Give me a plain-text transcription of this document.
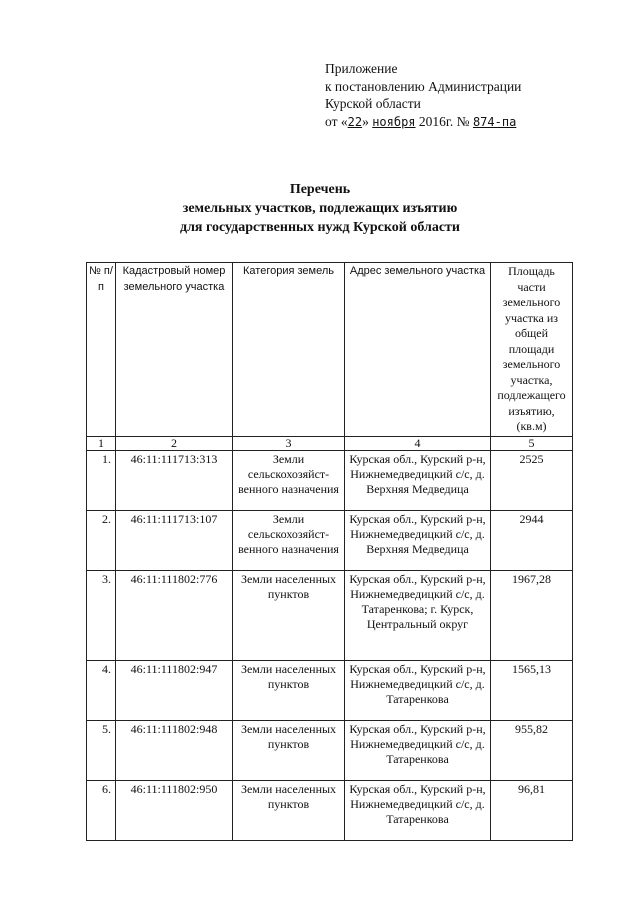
Приложение
к постановлению Администрации
Курской области
от «22» ноября 2016г. № 874-па
Перечень
земельных участков, подлежащих изъятию
для государственных нужд Курской области
№ п/п	Кадастровый номер земельного участка	Категория земель	Адрес земельного участка	Площадь части земельного участка из общей площади земельного участка, подлежащего изъятию, (кв.м)
1	2	3	4	5
1.	46:11:111713:313	Земли сельскохозяйст-венного назначения	Курская обл., Курский р-н, Нижнемедведицкий с/с, д. Верхняя Медведица	2525
2.	46:11:111713:107	Земли сельскохозяйст-венного назначения	Курская обл., Курский р-н, Нижнемедведицкий с/с, д. Верхняя Медведица	2944
3.	46:11:111802:776	Земли населенных пунктов	Курская обл., Курский р-н, Нижнемедведицкий с/с, д. Татаренкова; г. Курск, Центральный округ	1967,28
4.	46:11:111802:947	Земли населенных пунктов	Курская обл., Курский р-н, Нижнемедведицкий с/с, д. Татаренкова	1565,13
5.	46:11:111802:948	Земли населенных пунктов	Курская обл., Курский р-н, Нижнемедведицкий с/с, д. Татаренкова	955,82
6.	46:11:111802:950	Земли населенных пунктов	Курская обл., Курский р-н, Нижнемедведицкий с/с, д. Татаренкова	96,81
